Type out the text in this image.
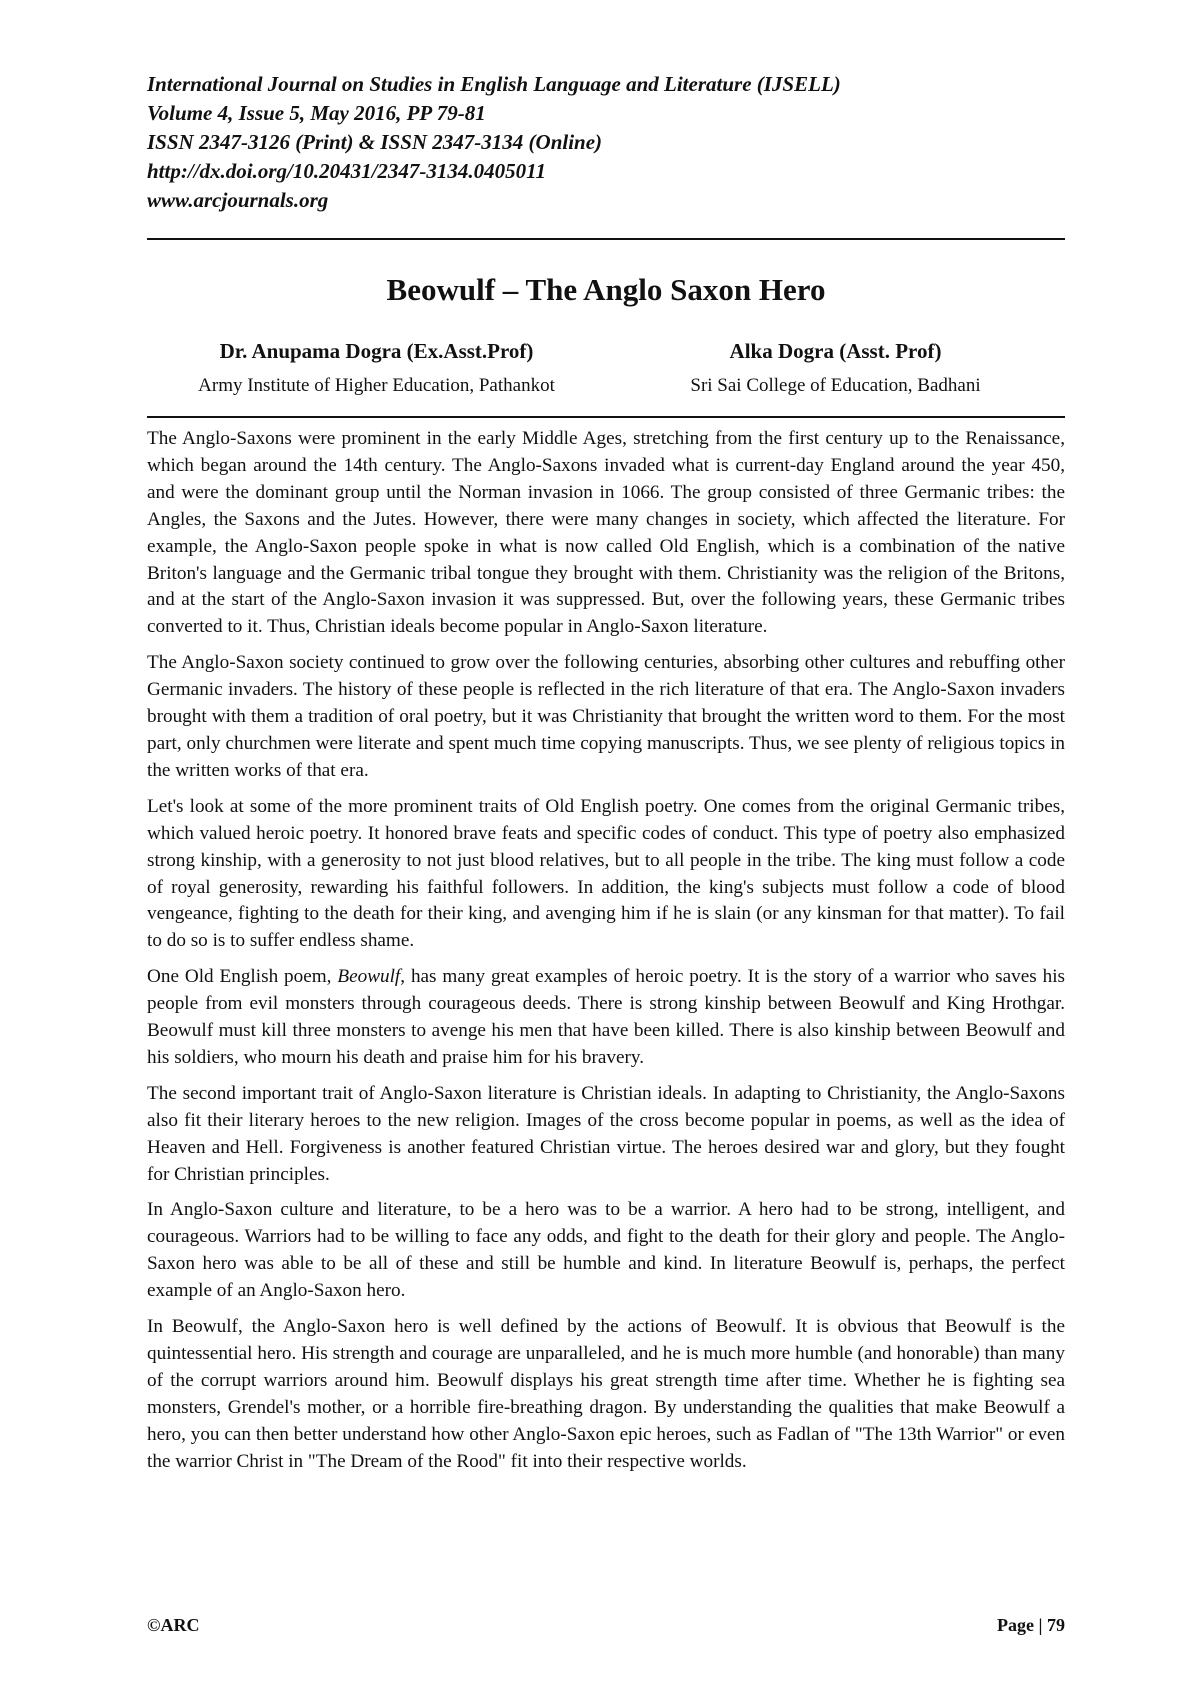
International Journal on Studies in English Language and Literature (IJSELL)
Volume 4, Issue 5, May 2016, PP 79-81
ISSN 2347-3126 (Print) & ISSN 2347-3134 (Online)
http://dx.doi.org/10.20431/2347-3134.0405011
www.arcjournals.org
Beowulf – The Anglo Saxon Hero
Dr. Anupama Dogra (Ex.Asst.Prof)
Army Institute of Higher Education, Pathankot
Alka Dogra (Asst. Prof)
Sri Sai College of Education, Badhani

The Anglo-Saxons were prominent in the early Middle Ages, stretching from the first century up to the Renaissance, which began around the 14th century. The Anglo-Saxons invaded what is current-day England around the year 450, and were the dominant group until the Norman invasion in 1066. The group consisted of three Germanic tribes: the Angles, the Saxons and the Jutes. However, there were many changes in society, which affected the literature. For example, the Anglo-Saxon people spoke in what is now called Old English, which is a combination of the native Briton's language and the Germanic tribal tongue they brought with them. Christianity was the religion of the Britons, and at the start of the Anglo-Saxon invasion it was suppressed. But, over the following years, these Germanic tribes converted to it. Thus, Christian ideals become popular in Anglo-Saxon literature.

The Anglo-Saxon society continued to grow over the following centuries, absorbing other cultures and rebuffing other Germanic invaders. The history of these people is reflected in the rich literature of that era. The Anglo-Saxon invaders brought with them a tradition of oral poetry, but it was Christianity that brought the written word to them. For the most part, only churchmen were literate and spent much time copying manuscripts. Thus, we see plenty of religious topics in the written works of that era.

Let's look at some of the more prominent traits of Old English poetry. One comes from the original Germanic tribes, which valued heroic poetry. It honored brave feats and specific codes of conduct. This type of poetry also emphasized strong kinship, with a generosity to not just blood relatives, but to all people in the tribe. The king must follow a code of royal generosity, rewarding his faithful followers. In addition, the king's subjects must follow a code of blood vengeance, fighting to the death for their king, and avenging him if he is slain (or any kinsman for that matter). To fail to do so is to suffer endless shame.

One Old English poem, Beowulf, has many great examples of heroic poetry. It is the story of a warrior who saves his people from evil monsters through courageous deeds. There is strong kinship between Beowulf and King Hrothgar. Beowulf must kill three monsters to avenge his men that have been killed. There is also kinship between Beowulf and his soldiers, who mourn his death and praise him for his bravery.

The second important trait of Anglo-Saxon literature is Christian ideals. In adapting to Christianity, the Anglo-Saxons also fit their literary heroes to the new religion. Images of the cross become popular in poems, as well as the idea of Heaven and Hell. Forgiveness is another featured Christian virtue. The heroes desired war and glory, but they fought for Christian principles.

In Anglo-Saxon culture and literature, to be a hero was to be a warrior. A hero had to be strong, intelligent, and courageous. Warriors had to be willing to face any odds, and fight to the death for their glory and people. The Anglo-Saxon hero was able to be all of these and still be humble and kind. In literature Beowulf is, perhaps, the perfect example of an Anglo-Saxon hero.

In Beowulf, the Anglo-Saxon hero is well defined by the actions of Beowulf. It is obvious that Beowulf is the quintessential hero. His strength and courage are unparalleled, and he is much more humble (and honorable) than many of the corrupt warriors around him. Beowulf displays his great strength time after time. Whether he is fighting sea monsters, Grendel's mother, or a horrible fire-breathing dragon. By understanding the qualities that make Beowulf a hero, you can then better understand how other Anglo-Saxon epic heroes, such as Fadlan of "The 13th Warrior" or even the warrior Christ in "The Dream of the Rood" fit into their respective worlds.

©ARC	Page | 79
